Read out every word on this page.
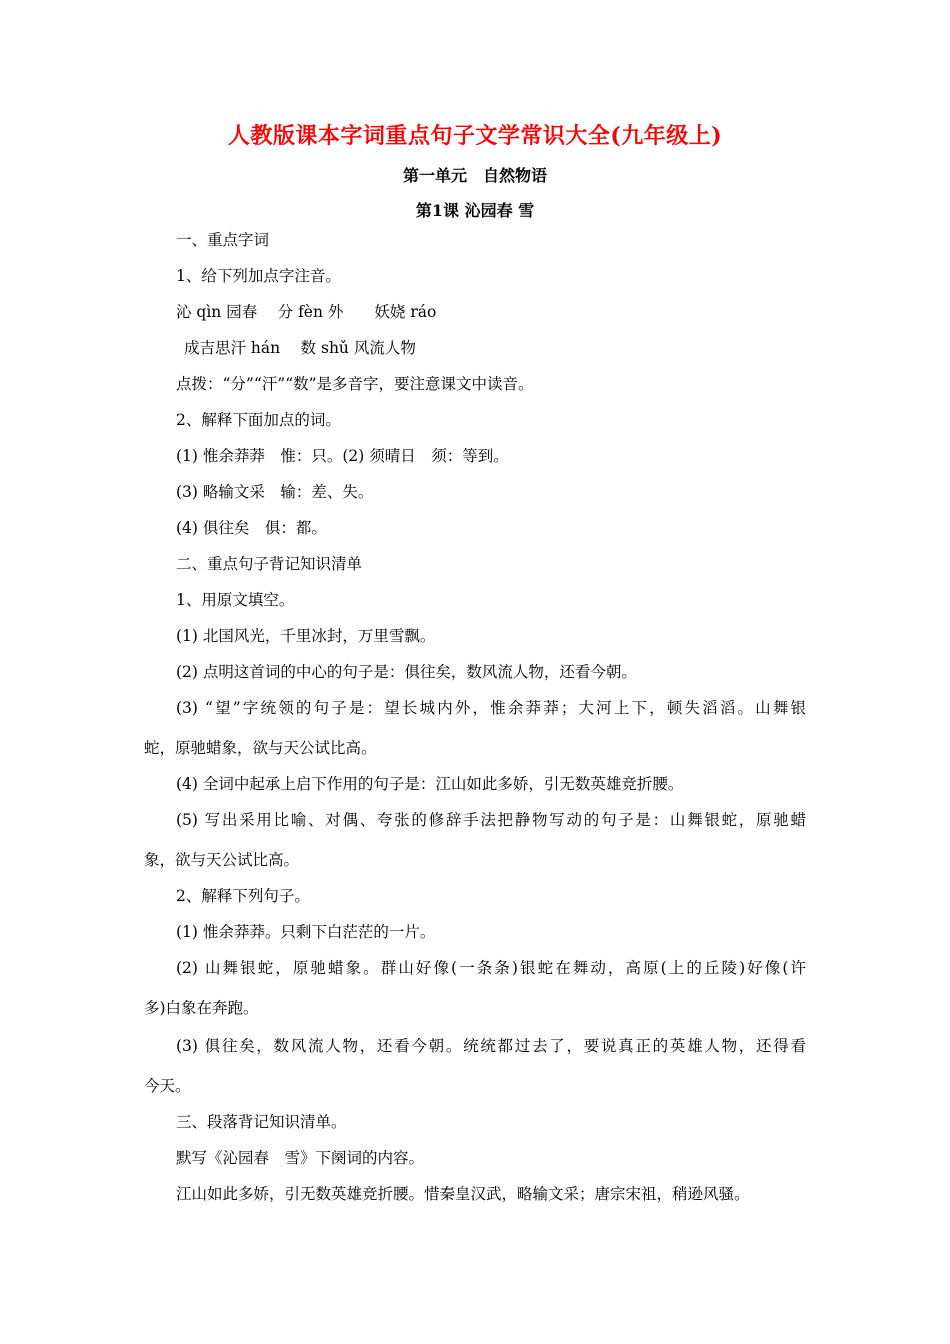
人教版课本字词重点句子文学常识大全(九年级上)
第一单元　自然物语
第1课 沁园春 雪

一、重点字词

1、给下列加点字注音。

沁 qìn 园春　 分 fèn 外　　妖娆 ráo

成吉思汗 hán　 数 shǔ 风流人物

点拨：“分”“汗”“数”是多音字，要注意课文中读音。

2、解释下面加点的词。

(1) 惟余莽莽　惟：只。(2) 须晴日　须：等到。

(3) 略输文采　输：差、失。

(4) 俱往矣　俱：都。

二、重点句子背记知识清单

1、用原文填空。

(1) 北国风光，千里冰封，万里雪飘。

(2) 点明这首词的中心的句子是：俱往矣，数风流人物，还看今朝。

(3) “望”字统领的句子是：望长城内外，惟余莽莽；大河上下，顿失滔滔。山舞银

蛇，原驰蜡象，欲与天公试比高。

(4) 全词中起承上启下作用的句子是：江山如此多娇，引无数英雄竞折腰。

(5) 写出采用比喻、对偶、夸张的修辞手法把静物写动的句子是：山舞银蛇，原驰蜡

象，欲与天公试比高。

2、解释下列句子。

(1) 惟余莽莽。只剩下白茫茫的一片。

(2) 山舞银蛇，原驰蜡象。群山好像(一条条)银蛇在舞动，高原(上的丘陵)好像(许

多)白象在奔跑。

(3) 俱往矣，数风流人物，还看今朝。统统都过去了，要说真正的英雄人物，还得看

今天。

三、段落背记知识清单。

默写《沁园春　雪》下阕词的内容。

江山如此多娇，引无数英雄竞折腰。惜秦皇汉武，略输文采；唐宗宋祖，稍逊风骚。
